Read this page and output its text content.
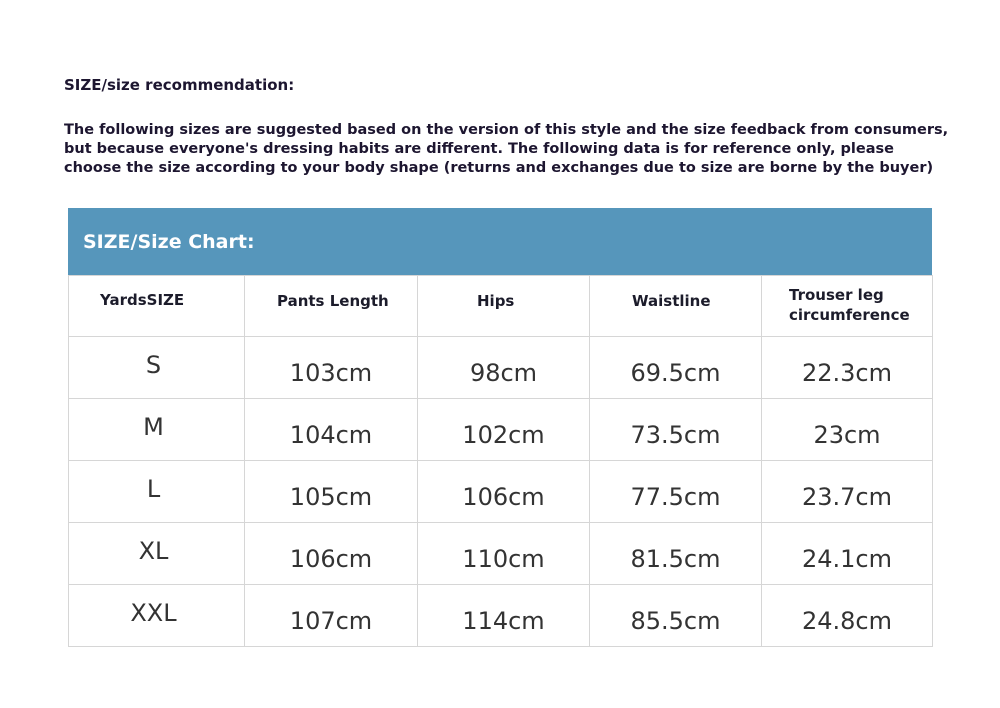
SIZE/size recommendation:
The following sizes are suggested based on the version of this style and the size feedback from consumers,
but because everyone's dressing habits are different. The following data is for reference only, please
choose the size according to your body shape (returns and exchanges due to size are borne by the buyer)
SIZE/Size Chart:
YardsSIZE	Pants Length	Hips	Waistline	Trouser leg circumference

S	103cm	98cm	69.5cm	22.3cm

M	104cm	102cm	73.5cm	23cm

L	105cm	106cm	77.5cm	23.7cm

XL	106cm	110cm	81.5cm	24.1cm

XXL	107cm	114cm	85.5cm	24.8cm
